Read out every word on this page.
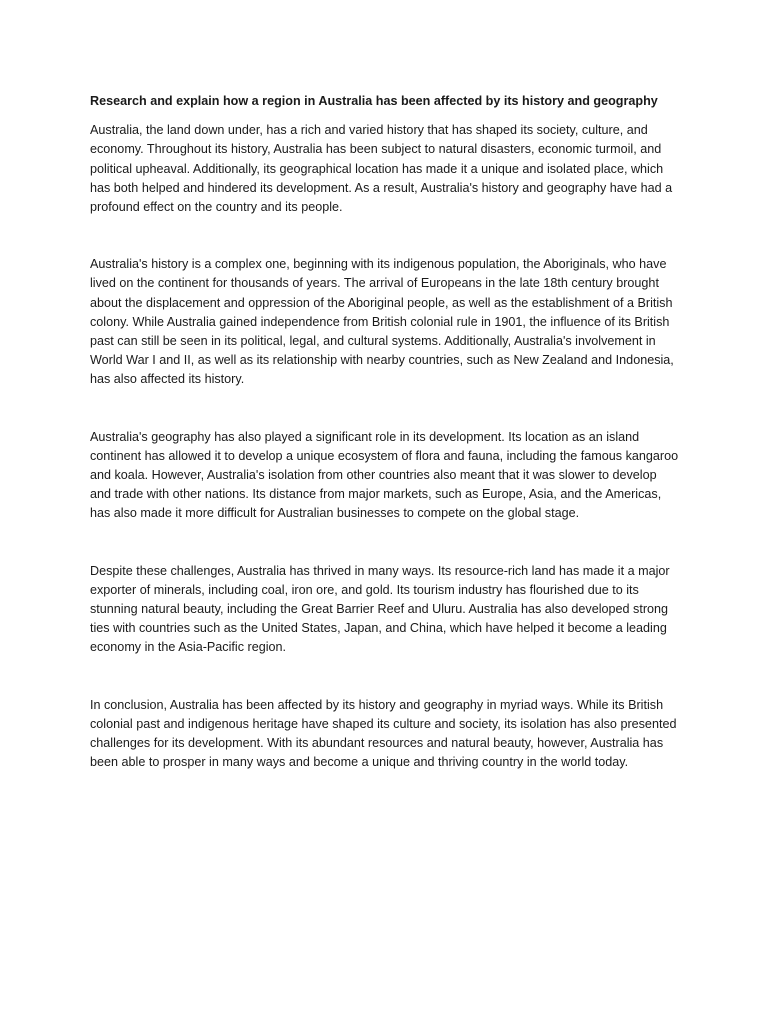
Research and explain how a region in Australia has been affected by its history and geography

Australia, the land down under, has a rich and varied history that has shaped its society, culture, and economy. Throughout its history, Australia has been subject to natural disasters, economic turmoil, and political upheaval. Additionally, its geographical location has made it a unique and isolated place, which has both helped and hindered its development. As a result, Australia's history and geography have had a profound effect on the country and its people.

Australia's history is a complex one, beginning with its indigenous population, the Aboriginals, who have lived on the continent for thousands of years. The arrival of Europeans in the late 18th century brought about the displacement and oppression of the Aboriginal people, as well as the establishment of a British colony. While Australia gained independence from British colonial rule in 1901, the influence of its British past can still be seen in its political, legal, and cultural systems. Additionally, Australia's involvement in World War I and II, as well as its relationship with nearby countries, such as New Zealand and Indonesia, has also affected its history.

Australia's geography has also played a significant role in its development. Its location as an island continent has allowed it to develop a unique ecosystem of flora and fauna, including the famous kangaroo and koala. However, Australia's isolation from other countries also meant that it was slower to develop and trade with other nations. Its distance from major markets, such as Europe, Asia, and the Americas, has also made it more difficult for Australian businesses to compete on the global stage.

Despite these challenges, Australia has thrived in many ways. Its resource-rich land has made it a major exporter of minerals, including coal, iron ore, and gold. Its tourism industry has flourished due to its stunning natural beauty, including the Great Barrier Reef and Uluru. Australia has also developed strong ties with countries such as the United States, Japan, and China, which have helped it become a leading economy in the Asia-Pacific region.

In conclusion, Australia has been affected by its history and geography in myriad ways. While its British colonial past and indigenous heritage have shaped its culture and society, its isolation has also presented challenges for its development. With its abundant resources and natural beauty, however, Australia has been able to prosper in many ways and become a unique and thriving country in the world today.
